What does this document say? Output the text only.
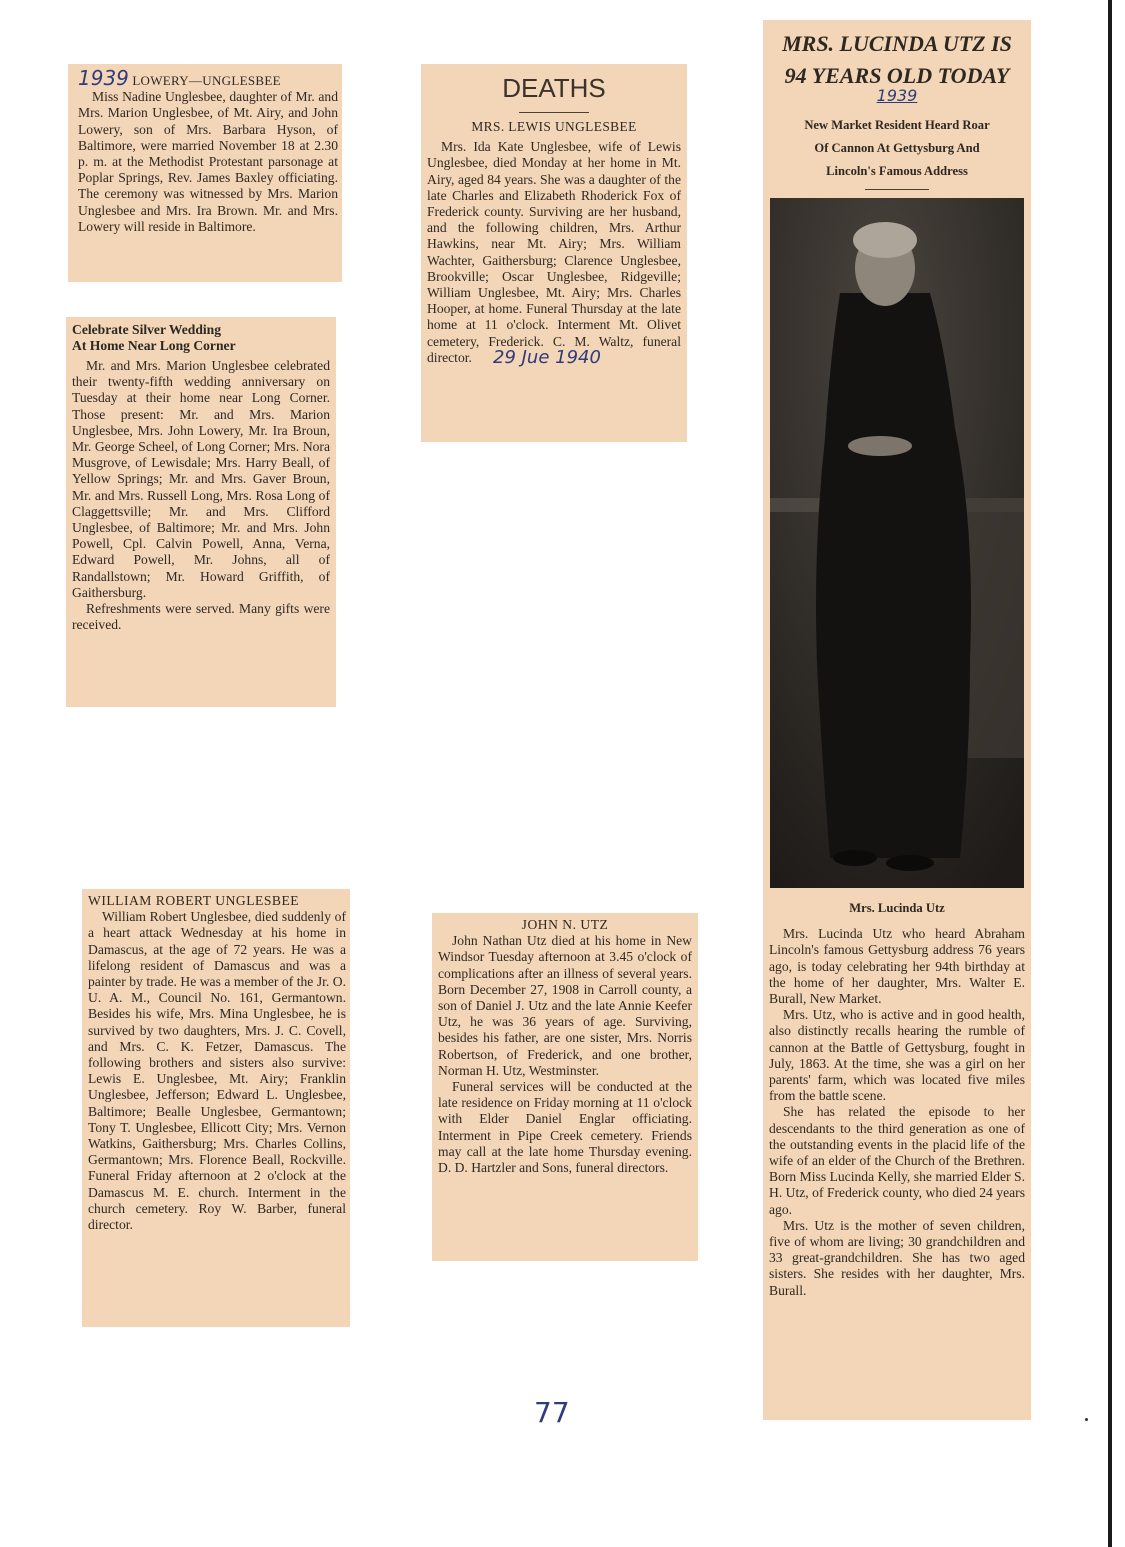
1939 LOWERY—UNGLESBEE

Miss Nadine Unglesbee, daughter of Mr. and Mrs. Marion Unglesbee, of Mt. Airy, and John Lowery, son of Mrs. Barbara Hyson, of Baltimore, were married November 18 at 2.30 p. m. at the Methodist Protestant parsonage at Poplar Springs, Rev. James Baxley officiating. The ceremony was witnessed by Mrs. Marion Unglesbee and Mrs. Ira Brown. Mr. and Mrs. Lowery will reside in Baltimore.

Celebrate Silver Wedding
At Home Near Long Corner

Mr. and Mrs. Marion Unglesbee celebrated their twenty-fifth wedding anniversary on Tuesday at their home near Long Corner. Those present: Mr. and Mrs. Marion Unglesbee, Mrs. John Lowery, Mr. Ira Broun, Mr. George Scheel, of Long Corner; Mrs. Nora Musgrove, of Lewisdale; Mrs. Harry Beall, of Yellow Springs; Mr. and Mrs. Gaver Broun, Mr. and Mrs. Russell Long, Mrs. Rosa Long of Claggettsville; Mr. and Mrs. Clifford Unglesbee, of Baltimore; Mr. and Mrs. John Powell, Cpl. Calvin Powell, Anna, Verna, Edward Powell, Mr. Johns, all of Randallstown; Mr. Howard Griffith, of Gaithersburg.

Refreshments were served. Many gifts were received.

DEATHS
MRS. LEWIS UNGLESBEE

Mrs. Ida Kate Unglesbee, wife of Lewis Unglesbee, died Monday at her home in Mt. Airy, aged 84 years. She was a daughter of the late Charles and Elizabeth Rhoderick Fox of Frederick county. Surviving are her husband, and the following children, Mrs. Arthur Hawkins, near Mt. Airy; Mrs. William Wachter, Gaithersburg; Clarence Unglesbee, Brookville; Oscar Unglesbee, Ridgeville; William Unglesbee, Mt. Airy; Mrs. Charles Hooper, at home. Funeral Thursday at the late home at 11 o'clock. Interment Mt. Olivet cemetery, Frederick. C. M. Waltz, funeral director.	29 Jue 1940
MRS. LUCINDA UTZ IS
94 YEARS OLD TODAY
1939
New Market Resident Heard Roar
Of Cannon At Gettysburg And
Lincoln's Famous Address
Mrs. Lucinda Utz

Mrs. Lucinda Utz who heard Abraham Lincoln's famous Gettysburg address 76 years ago, is today celebrating her 94th birthday at the home of her daughter, Mrs. Walter E. Burall, New Market.

Mrs. Utz, who is active and in good health, also distinctly recalls hearing the rumble of cannon at the Battle of Gettysburg, fought in July, 1863. At the time, she was a girl on her parents' farm, which was located five miles from the battle scene.

She has related the episode to her descendants to the third generation as one of the outstanding events in the placid life of the wife of an elder of the Church of the Brethren. Born Miss Lucinda Kelly, she married Elder S. H. Utz, of Frederick county, who died 24 years ago.

Mrs. Utz is the mother of seven children, five of whom are living; 30 grandchildren and 33 great-grandchildren. She has two aged sisters. She resides with her daughter, Mrs. Burall.

WILLIAM ROBERT UNGLESBEE

William Robert Unglesbee, died suddenly of a heart attack Wednesday at his home in Damascus, at the age of 72 years. He was a lifelong resident of Damascus and was a painter by trade. He was a member of the Jr. O. U. A. M., Council No. 161, Germantown. Besides his wife, Mrs. Mina Unglesbee, he is survived by two daughters, Mrs. J. C. Covell, and Mrs. C. K. Fetzer, Damascus. The following brothers and sisters also survive: Lewis E. Unglesbee, Mt. Airy; Franklin Unglesbee, Jefferson; Edward L. Unglesbee, Baltimore; Bealle Unglesbee, Germantown; Tony T. Unglesbee, Ellicott City; Mrs. Vernon Watkins, Gaithersburg; Mrs. Charles Collins, Germantown; Mrs. Florence Beall, Rockville. Funeral Friday afternoon at 2 o'clock at the Damascus M. E. church. Interment in the church cemetery. Roy W. Barber, funeral director.

JOHN N. UTZ

John Nathan Utz died at his home in New Windsor Tuesday afternoon at 3.45 o'clock of complications after an illness of several years. Born December 27, 1908 in Carroll county, a son of Daniel J. Utz and the late Annie Keefer Utz, he was 36 years of age. Surviving, besides his father, are one sister, Mrs. Norris Robertson, of Frederick, and one brother, Norman H. Utz, Westminster.

Funeral services will be conducted at the late residence on Friday morning at 11 o'clock with Elder Daniel Englar officiating. Interment in Pipe Creek cemetery. Friends may call at the late home Thursday evening. D. D. Hartzler and Sons, funeral directors.

77
